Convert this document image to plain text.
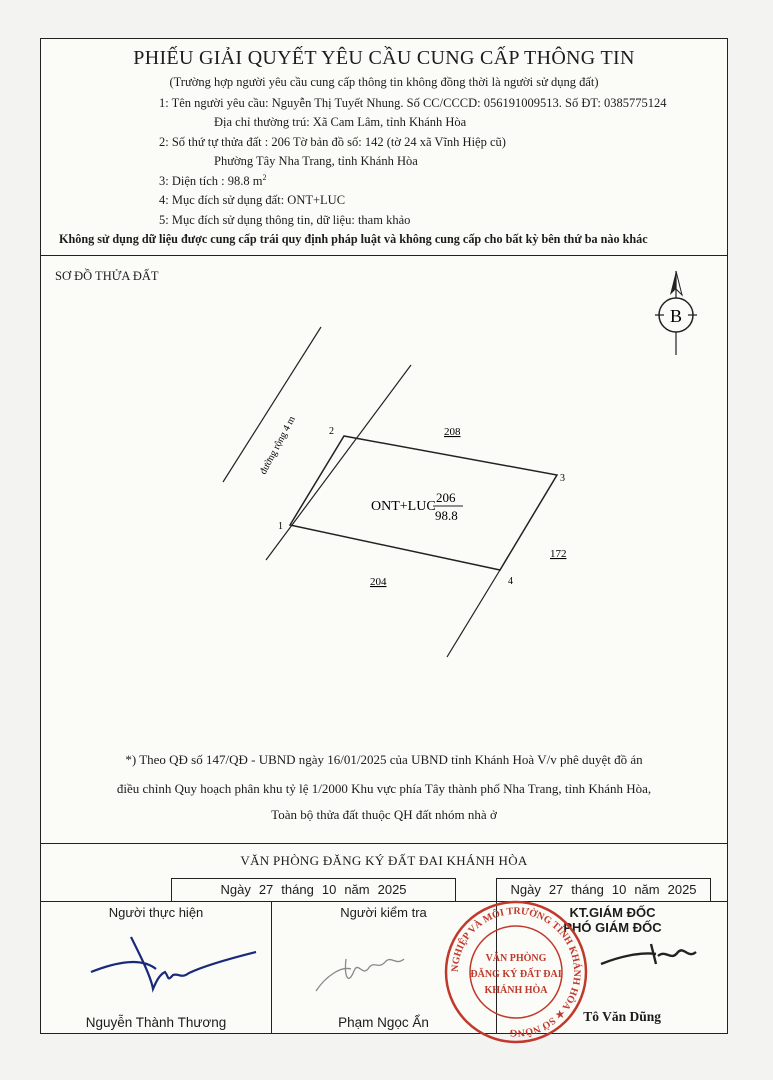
PHIẾU GIẢI QUYẾT YÊU CẦU CUNG CẤP THÔNG TIN
(Trường hợp người yêu cầu cung cấp thông tin không đồng thời là người sử dụng đất)
1: Tên người yêu cầu: Nguyễn Thị Tuyết Nhung. Số CC/CCCD: 056191009513. Số ĐT: 0385775124
Địa chỉ thường trú: Xã Cam Lâm, tỉnh Khánh Hòa
2: Số thứ tự thửa đất : 206 Tờ bản đồ số: 142 (tờ 24 xã Vĩnh Hiệp cũ)
Phường Tây Nha Trang, tỉnh Khánh Hòa
3: Diện tích : 98.8 $m^2$
4: Mục đích sử dụng đất: ONT+LUC
5: Mục đích sử dụng thông tin, dữ liệu: tham khảo
Không sử dụng dữ liệu được cung cấp trái quy định pháp luật và không cung cấp cho bất kỳ bên thứ ba nào khác
SƠ ĐỒ THỬA ĐẤT
B
đường rộng 4 m
1
2
3
4
208
172
204
ONT+LUC
206
98.8
*) Theo QĐ số 147/QĐ - UBND ngày 16/01/2025 của UBND tỉnh Khánh Hoà V/v phê duyệt đồ án
điều chỉnh Quy hoạch phân khu tỷ lệ 1/2000 Khu vực phía Tây thành phố Nha Trang, tỉnh Khánh Hòa,
Toàn bộ thửa đất thuộc QH đất nhóm nhà ở
VĂN PHÒNG ĐĂNG KÝ ĐẤT ĐAI KHÁNH HÒA
Ngày 27 tháng 10 năm 2025	Ngày 27 tháng 10 năm 2025
Người thực hiện	Người kiểm tra	KT.GIÁM ĐỐC
PHÓ GIÁM ĐỐC
NGHIỆP VÀ MÔI TRƯỜNG TỈNH KHÁNH HÒA ★ SỞ NÔNG
VĂN PHÒNG
ĐĂNG KÝ ĐẤT ĐAI
KHÁNH HÒA
Nguyễn Thành Thương	Phạm Ngọc Ẩn	Tô Văn Dũng
